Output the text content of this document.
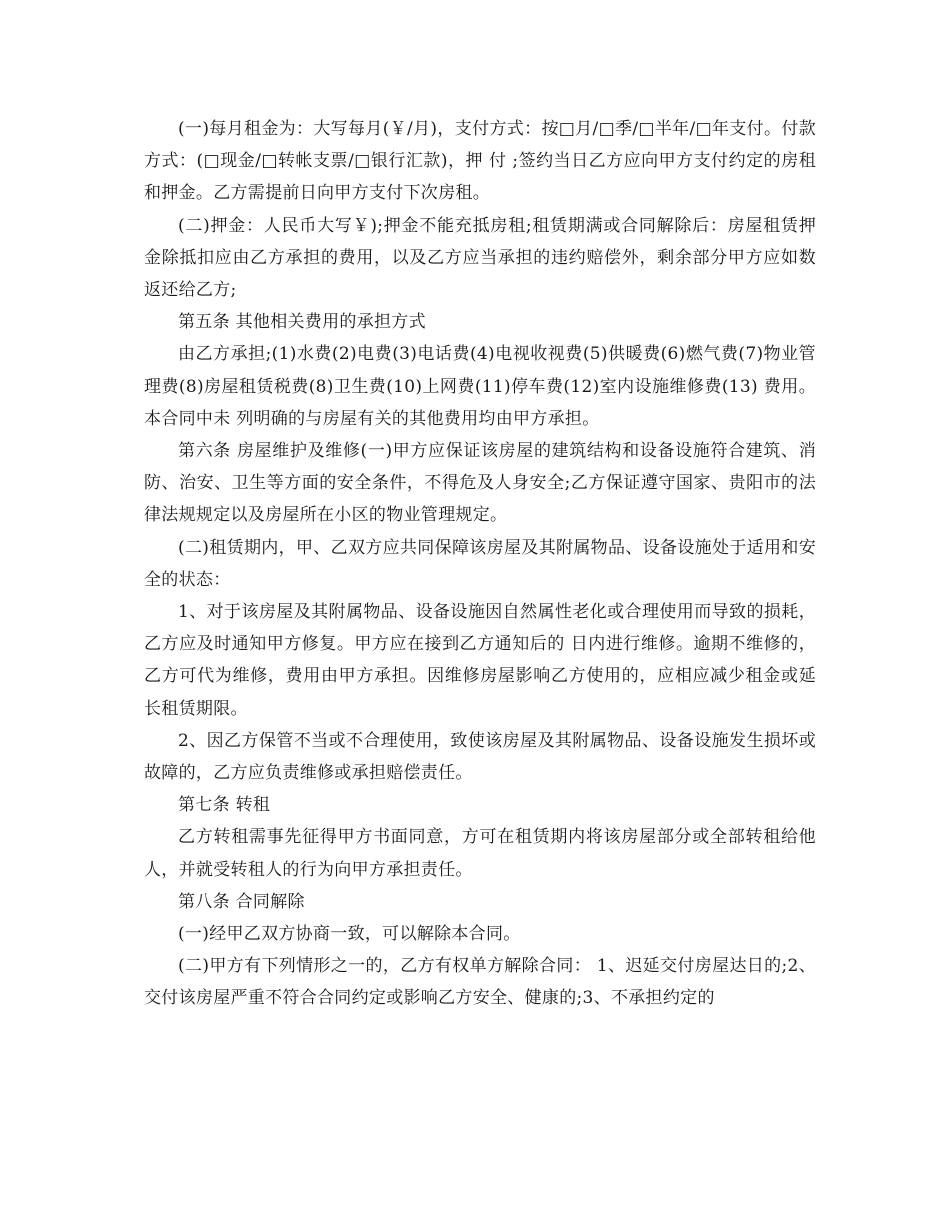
(一)每月租金为：大写每月(￥/月)，支付方式：按□月/□季/□半年/□年支付。付款方式：(□现金/□转帐支票/□银行汇款)，押 付 ;签约当日乙方应向甲方支付约定的房租和押金。乙方需提前日向甲方支付下次房租。

(二)押金：人民币大写￥);押金不能充抵房租;租赁期满或合同解除后：房屋租赁押金除抵扣应由乙方承担的费用，以及乙方应当承担的违约赔偿外，剩余部分甲方应如数返还给乙方;

第五条 其他相关费用的承担方式

由乙方承担;(1)水费(2)电费(3)电话费(4)电视收视费(5)供暖费(6)燃气费(7)物业管理费(8)房屋租赁税费(8)卫生费(10)上网费(11)停车费(12)室内设施维修费(13) 费用。本合同中未 列明确的与房屋有关的其他费用均由甲方承担。

第六条 房屋维护及维修(一)甲方应保证该房屋的建筑结构和设备设施符合建筑、消防、治安、卫生等方面的安全条件，不得危及人身安全;乙方保证遵守国家、贵阳市的法律法规规定以及房屋所在小区的物业管理规定。

(二)租赁期内，甲、乙双方应共同保障该房屋及其附属物品、设备设施处于适用和安全的状态：

1、对于该房屋及其附属物品、设备设施因自然属性老化或合理使用而导致的损耗，乙方应及时通知甲方修复。甲方应在接到乙方通知后的 日内进行维修。逾期不维修的，乙方可代为维修，费用由甲方承担。因维修房屋影响乙方使用的，应相应减少租金或延长租赁期限。

2、因乙方保管不当或不合理使用，致使该房屋及其附属物品、设备设施发生损坏或故障的，乙方应负责维修或承担赔偿责任。

第七条 转租

乙方转租需事先征得甲方书面同意，方可在租赁期内将该房屋部分或全部转租给他人，并就受转租人的行为向甲方承担责任。

第八条 合同解除

(一)经甲乙双方协商一致，可以解除本合同。

(二)甲方有下列情形之一的，乙方有权单方解除合同： 1、迟延交付房屋达日的;2、交付该房屋严重不符合合同约定或影响乙方安全、健康的;3、不承担约定的
